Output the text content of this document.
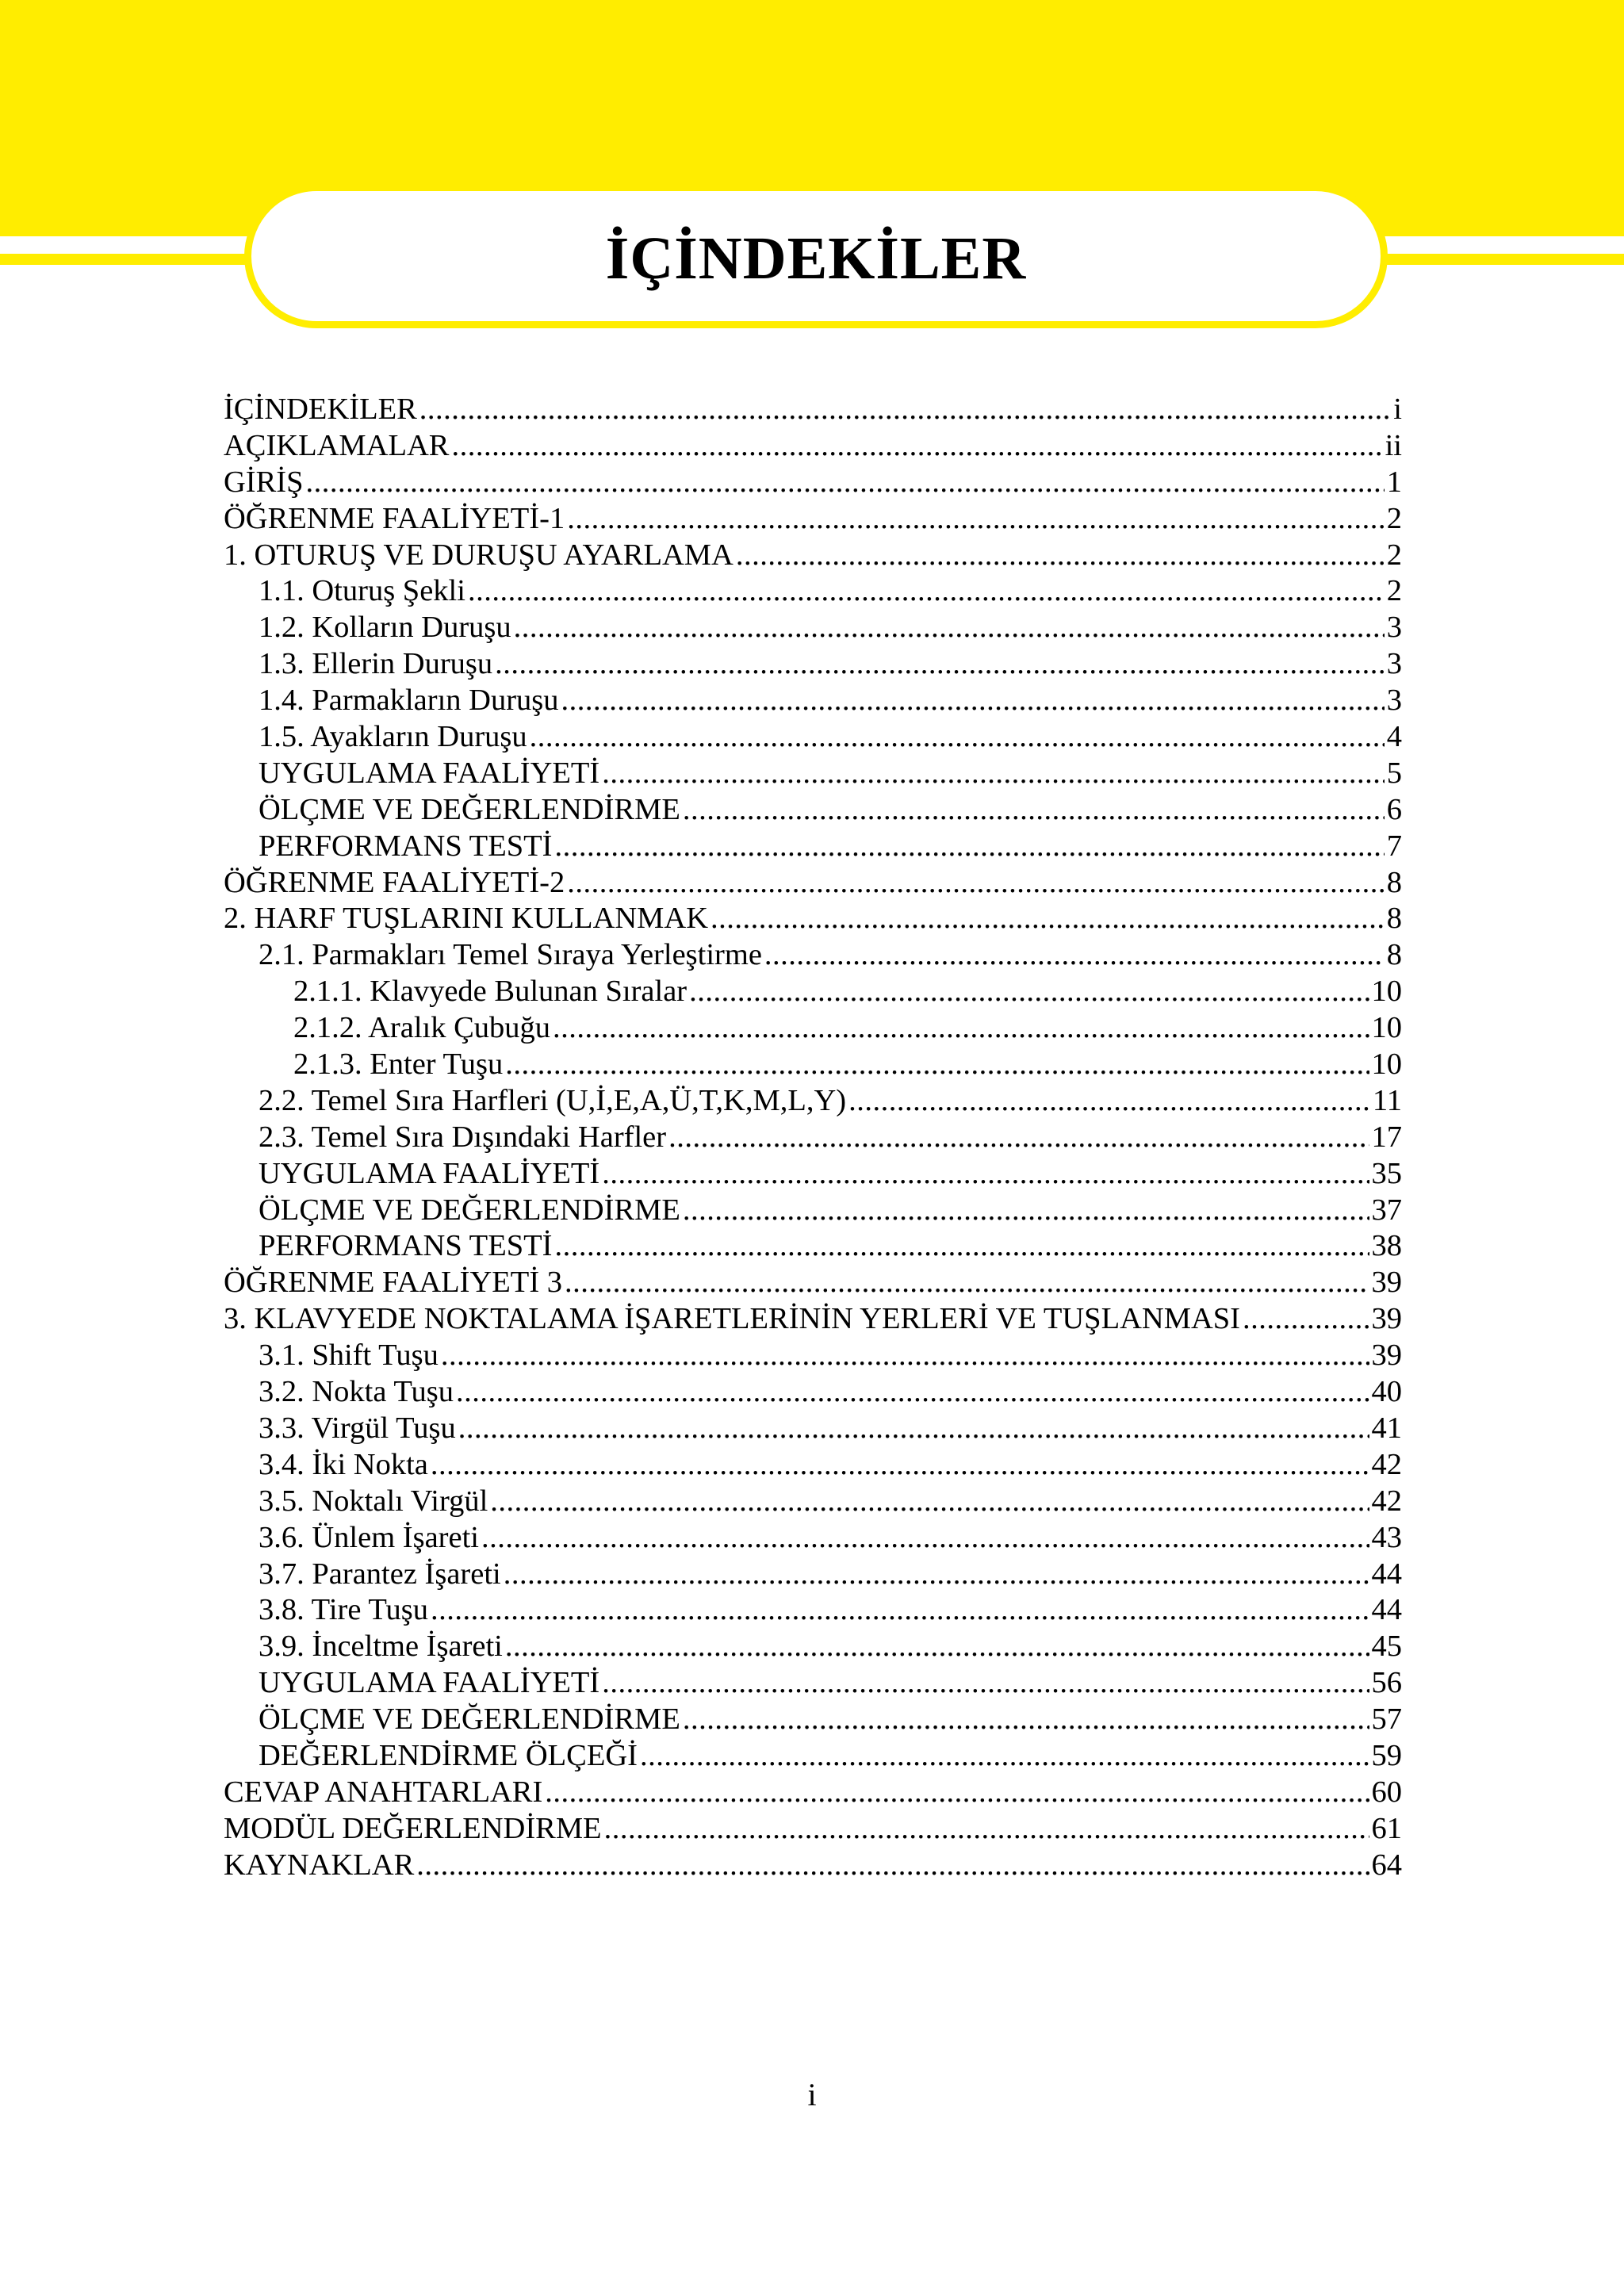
İÇİNDEKİLER
İÇİNDEKİLER .....	i
AÇIKLAMALAR .....	ii
GİRİŞ .....	1
ÖĞRENME FAALİYETİ-1 .....	2
1. OTURUŞ VE DURUŞU AYARLAMA .....	2
1.1. Oturuş Şekli .....	2
1.2. Kolların Duruşu .....	3
1.3. Ellerin Duruşu .....	3
1.4. Parmakların Duruşu .....	3
1.5. Ayakların Duruşu .....	4
UYGULAMA FAALİYETİ .....	5
ÖLÇME VE DEĞERLENDİRME .....	6
PERFORMANS TESTİ .....	7
ÖĞRENME FAALİYETİ-2 .....	8
2. HARF TUŞLARINI KULLANMAK .....	8
2.1. Parmakları Temel Sıraya Yerleştirme .....	8
2.1.1. Klavyede Bulunan Sıralar .....	10
2.1.2. Aralık Çubuğu .....	10
2.1.3. Enter Tuşu .....	10
2.2. Temel Sıra Harfleri (U,İ,E,A,Ü,T,K,M,L,Y) .....	11
2.3. Temel Sıra Dışındaki Harfler .....	17
UYGULAMA FAALİYETİ .....	35
ÖLÇME VE DEĞERLENDİRME .....	37
PERFORMANS TESTİ .....	38
ÖĞRENME FAALİYETİ 3 .....	39
3. KLAVYEDE NOKTALAMA İŞARETLERİNİN YERLERİ VE TUŞLANMASI .....	39
3.1. Shift Tuşu .....	39
3.2. Nokta Tuşu .....	40
3.3. Virgül Tuşu .....	41
3.4. İki Nokta .....	42
3.5. Noktalı Virgül .....	42
3.6. Ünlem İşareti .....	43
3.7. Parantez İşareti .....	44
3.8. Tire Tuşu .....	44
3.9. İnceltme İşareti .....	45
UYGULAMA FAALİYETİ .....	56
ÖLÇME VE DEĞERLENDİRME .....	57
DEĞERLENDİRME ÖLÇEĞİ .....	59
CEVAP ANAHTARLARI .....	60
MODÜL DEĞERLENDİRME .....	61
KAYNAKLAR .....	64
i
